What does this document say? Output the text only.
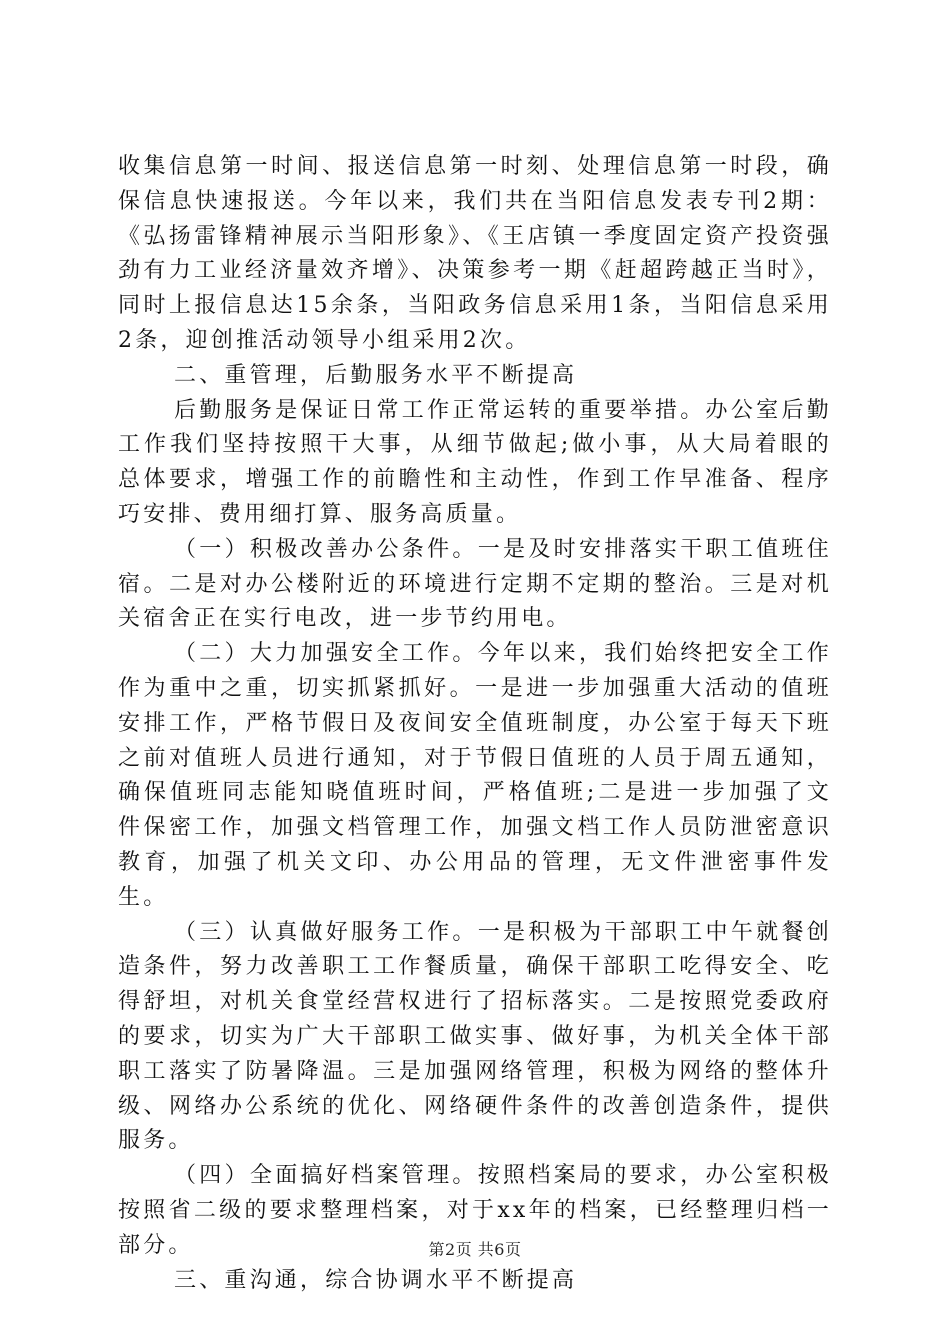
收集信息第一时间、报送信息第一时刻、处理信息第一时段，确保信息快速报送。今年以来，我们共在当阳信息发表专刊2期：《弘扬雷锋精神展示当阳形象》、《王店镇一季度固定资产投资强劲有力工业经济量效齐增》、决策参考一期《赶超跨越正当时》，同时上报信息达15余条，当阳政务信息采用1条，当阳信息采用2条，迎创推活动领导小组采用2次。

二、重管理，后勤服务水平不断提高

后勤服务是保证日常工作正常运转的重要举措。办公室后勤工作我们坚持按照干大事，从细节做起;做小事，从大局着眼的总体要求，增强工作的前瞻性和主动性，作到工作早准备、程序巧安排、费用细打算、服务高质量。

（一）积极改善办公条件。一是及时安排落实干职工值班住宿。二是对办公楼附近的环境进行定期不定期的整治。三是对机关宿舍正在实行电改，进一步节约用电。

（二）大力加强安全工作。今年以来，我们始终把安全工作作为重中之重，切实抓紧抓好。一是进一步加强重大活动的值班安排工作，严格节假日及夜间安全值班制度，办公室于每天下班之前对值班人员进行通知，对于节假日值班的人员于周五通知，确保值班同志能知晓值班时间，严格值班;二是进一步加强了文件保密工作，加强文档管理工作，加强文档工作人员防泄密意识教育，加强了机关文印、办公用品的管理，无文件泄密事件发生。

（三）认真做好服务工作。一是积极为干部职工中午就餐创造条件，努力改善职工工作餐质量，确保干部职工吃得安全、吃得舒坦，对机关食堂经营权进行了招标落实。二是按照党委政府的要求，切实为广大干部职工做实事、做好事，为机关全体干部职工落实了防暑降温。三是加强网络管理，积极为网络的整体升级、网络办公系统的优化、网络硬件条件的改善创造条件，提供服务。

（四）全面搞好档案管理。按照档案局的要求，办公室积极按照省二级的要求整理档案，对于xx年的档案，已经整理归档一部分。

三、重沟通，综合协调水平不断提高

第2页 共6页
